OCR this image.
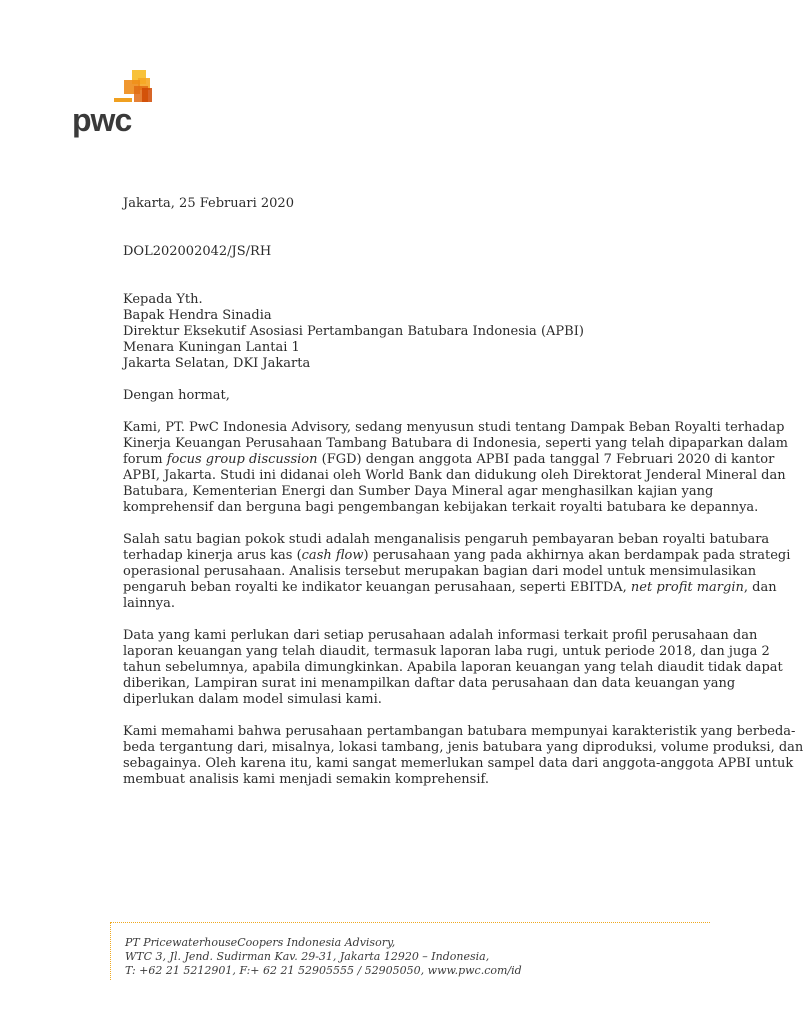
pwc
Jakarta, 25 Februari 2020
DOL202002042/JS/RH
Kepada Yth.
Bapak Hendra Sinadia
Direktur Eksekutif Asosiasi Pertambangan Batubara Indonesia (APBI)
Menara Kuningan Lantai 1
Jakarta Selatan, DKI Jakarta
Dengan hormat,
Kami, PT. PwC Indonesia Advisory, sedang menyusun studi tentang Dampak Beban Royalti terhadap
Kinerja Keuangan Perusahaan Tambang Batubara di Indonesia, seperti yang telah dipaparkan dalam
forum focus group discussion (FGD) dengan anggota APBI pada tanggal 7 Februari 2020 di kantor
APBI, Jakarta. Studi ini didanai oleh World Bank dan didukung oleh Direktorat Jenderal Mineral dan
Batubara, Kementerian Energi dan Sumber Daya Mineral agar menghasilkan kajian yang
komprehensif dan berguna bagi pengembangan kebijakan terkait royalti batubara ke depannya.
Salah satu bagian pokok studi adalah menganalisis pengaruh pembayaran beban royalti batubara
terhadap kinerja arus kas (cash flow) perusahaan yang pada akhirnya akan berdampak pada strategi
operasional perusahaan. Analisis tersebut merupakan bagian dari model untuk mensimulasikan
pengaruh beban royalti ke indikator keuangan perusahaan, seperti EBITDA, net profit margin, dan
lainnya.
Data yang kami perlukan dari setiap perusahaan adalah informasi terkait profil perusahaan dan
laporan keuangan yang telah diaudit, termasuk laporan laba rugi, untuk periode 2018, dan juga 2
tahun sebelumnya, apabila dimungkinkan. Apabila laporan keuangan yang telah diaudit tidak dapat
diberikan, Lampiran surat ini menampilkan daftar data perusahaan dan data keuangan yang
diperlukan dalam model simulasi kami.
Kami memahami bahwa perusahaan pertambangan batubara mempunyai karakteristik yang berbeda-
beda tergantung dari, misalnya, lokasi tambang, jenis batubara yang diproduksi, volume produksi, dan
sebagainya. Oleh karena itu, kami sangat memerlukan sampel data dari anggota-anggota APBI untuk
membuat analisis kami menjadi semakin komprehensif.
PT PricewaterhouseCoopers Indonesia Advisory,
WTC 3, Jl. Jend. Sudirman Kav. 29-31, Jakarta 12920 – Indonesia,
T: +62 21 5212901, F:+ 62 21 52905555 / 52905050, www.pwc.com/id
